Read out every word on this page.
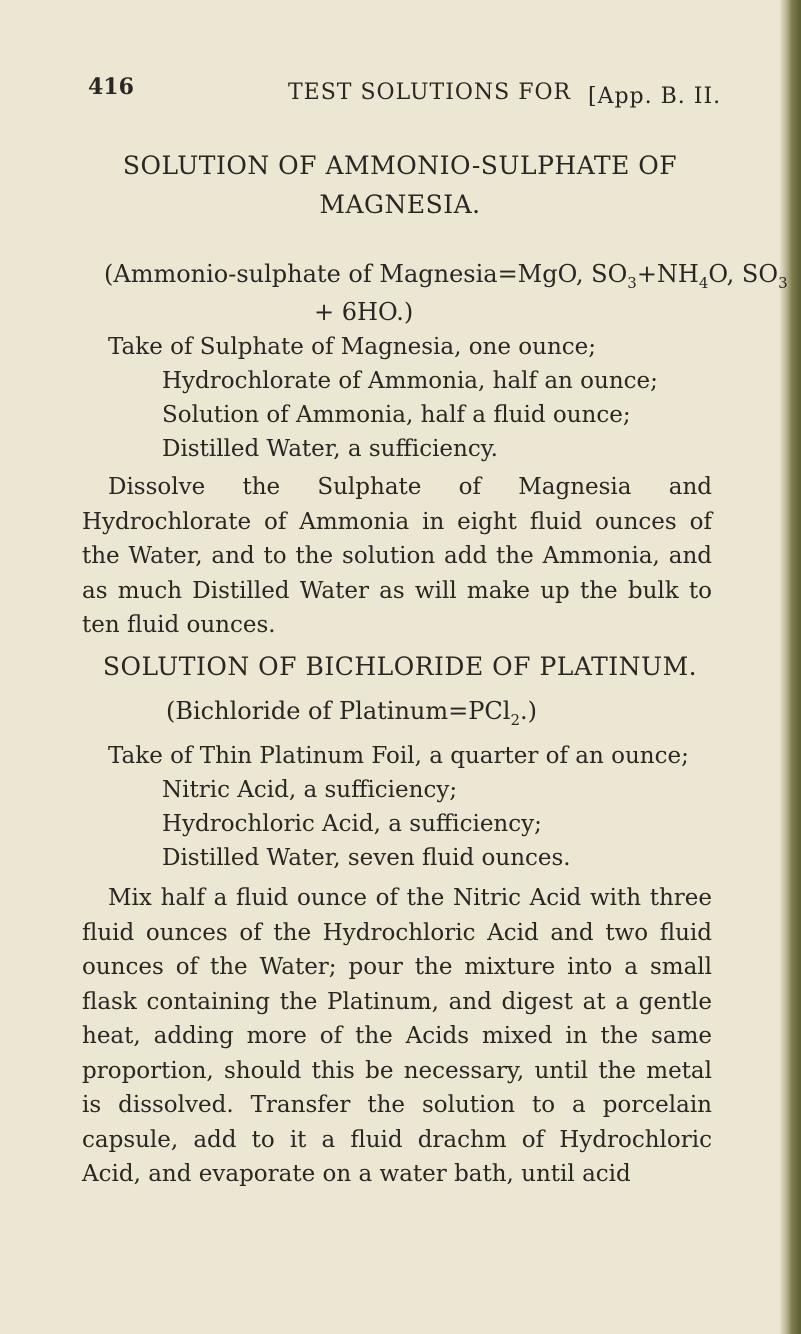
416	TEST SOLUTIONS FOR [App. B. II.
SOLUTION OF AMMONIO-SULPHATE OF
MAGNESIA.
(Ammonio-sulphate of Magnesia=MgO, $SO_3+NH_4O$, $SO_3$
+ 6HO.)
Take of Sulphate of Magnesia, one ounce;
Hydrochlorate of Ammonia, half an ounce;
Solution of Ammonia, half a fluid ounce;
Distilled Water, a sufficiency.
Dissolve the Sulphate of Magnesia and Hydrochlorate of Ammonia in eight fluid ounces of the Water, and to the solution add the Ammonia, and as much Distilled Water as will make up the bulk to ten fluid ounces.
SOLUTION OF BICHLORIDE OF PLATINUM.
(Bichloride of Platinum=PCl$_2$.)
Take of Thin Platinum Foil, a quarter of an ounce;
Nitric Acid, a sufficiency;
Hydrochloric Acid, a sufficiency;
Distilled Water, seven fluid ounces.
Mix half a fluid ounce of the Nitric Acid with three fluid ounces of the Hydrochloric Acid and two fluid ounces of the Water; pour the mixture into a small flask containing the Platinum, and digest at a gentle heat, adding more of the Acids mixed in the same proportion, should this be necessary, until the metal is dissolved. Transfer the solution to a porcelain capsule, add to it a fluid drachm of Hydrochloric Acid, and evaporate on a water bath, until acid
